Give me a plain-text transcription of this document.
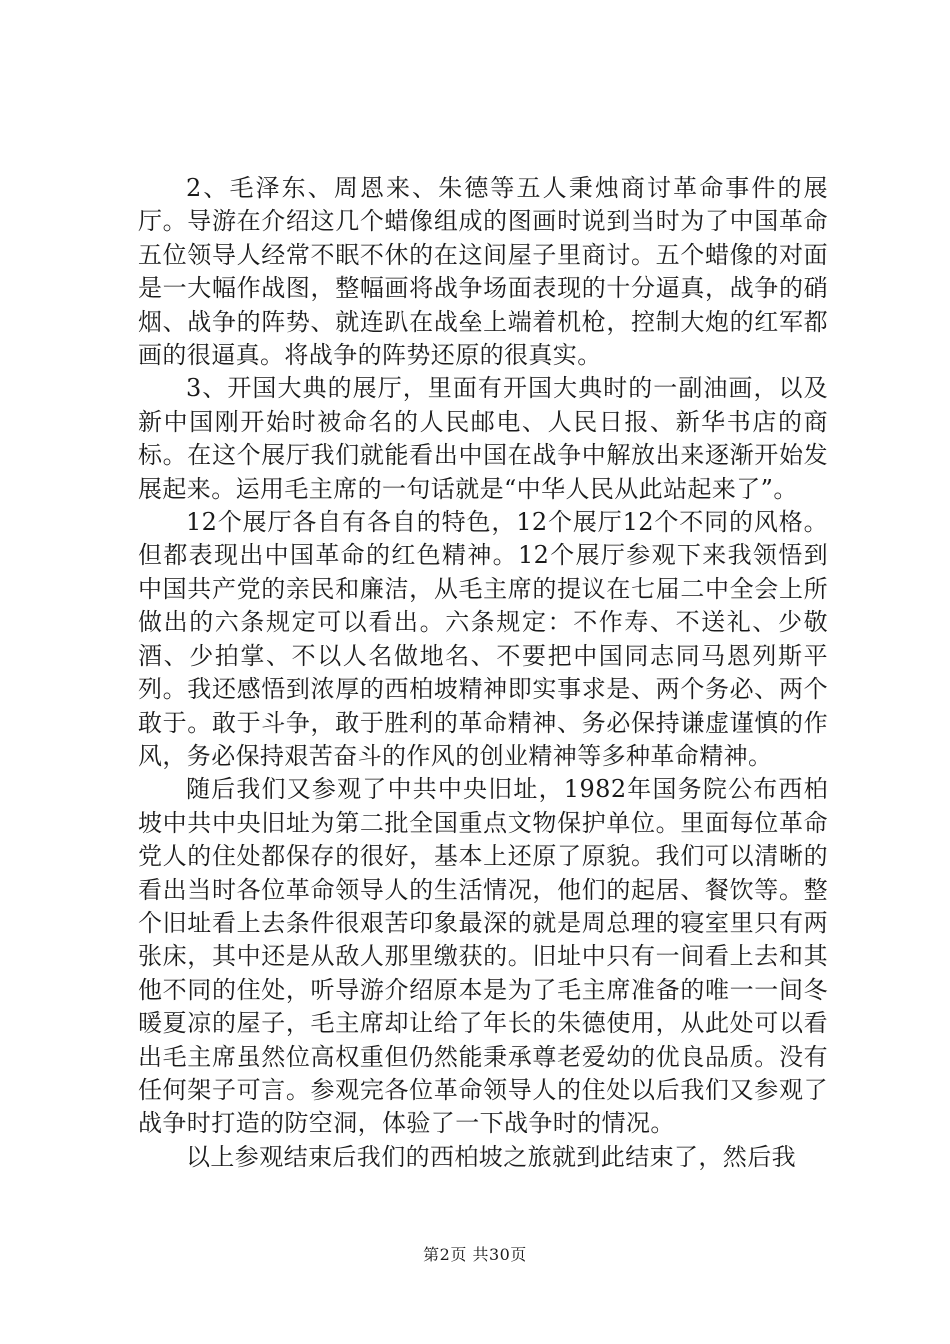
2、毛泽东、周恩来、朱德等五人秉烛商讨革命事件的展厅。导游在介绍这几个蜡像组成的图画时说到当时为了中国革命五位领导人经常不眠不休的在这间屋子里商讨。五个蜡像的对面是一大幅作战图，整幅画将战争场面表现的十分逼真，战争的硝烟、战争的阵势、就连趴在战垒上端着机枪，控制大炮的红军都画的很逼真。将战争的阵势还原的很真实。

3、开国大典的展厅，里面有开国大典时的一副油画，以及新中国刚开始时被命名的人民邮电、人民日报、新华书店的商标。在这个展厅我们就能看出中国在战争中解放出来逐渐开始发展起来。运用毛主席的一句话就是“中华人民从此站起来了”。

12个展厅各自有各自的特色，12个展厅12个不同的风格。但都表现出中国革命的红色精神。12个展厅参观下来我领悟到中国共产党的亲民和廉洁，从毛主席的提议在七届二中全会上所做出的六条规定可以看出。六条规定：不作寿、不送礼、少敬酒、少拍掌、不以人名做地名、不要把中国同志同马恩列斯平列。我还感悟到浓厚的西柏坡精神即实事求是、两个务必、两个敢于。敢于斗争，敢于胜利的革命精神、务必保持谦虚谨慎的作风，务必保持艰苦奋斗的作风的创业精神等多种革命精神。

随后我们又参观了中共中央旧址，1982年国务院公布西柏坡中共中央旧址为第二批全国重点文物保护单位。里面每位革命党人的住处都保存的很好，基本上还原了原貌。我们可以清晰的看出当时各位革命领导人的生活情况，他们的起居、餐饮等。整个旧址看上去条件很艰苦印象最深的就是周总理的寝室里只有两张床，其中还是从敌人那里缴获的。旧址中只有一间看上去和其他不同的住处，听导游介绍原本是为了毛主席准备的唯一一间冬暖夏凉的屋子，毛主席却让给了年长的朱德使用，从此处可以看出毛主席虽然位高权重但仍然能秉承尊老爱幼的优良品质。没有任何架子可言。参观完各位革命领导人的住处以后我们又参观了战争时打造的防空洞，体验了一下战争时的情况。

以上参观结束后我们的西柏坡之旅就到此结束了，然后我

第2页 共30页
